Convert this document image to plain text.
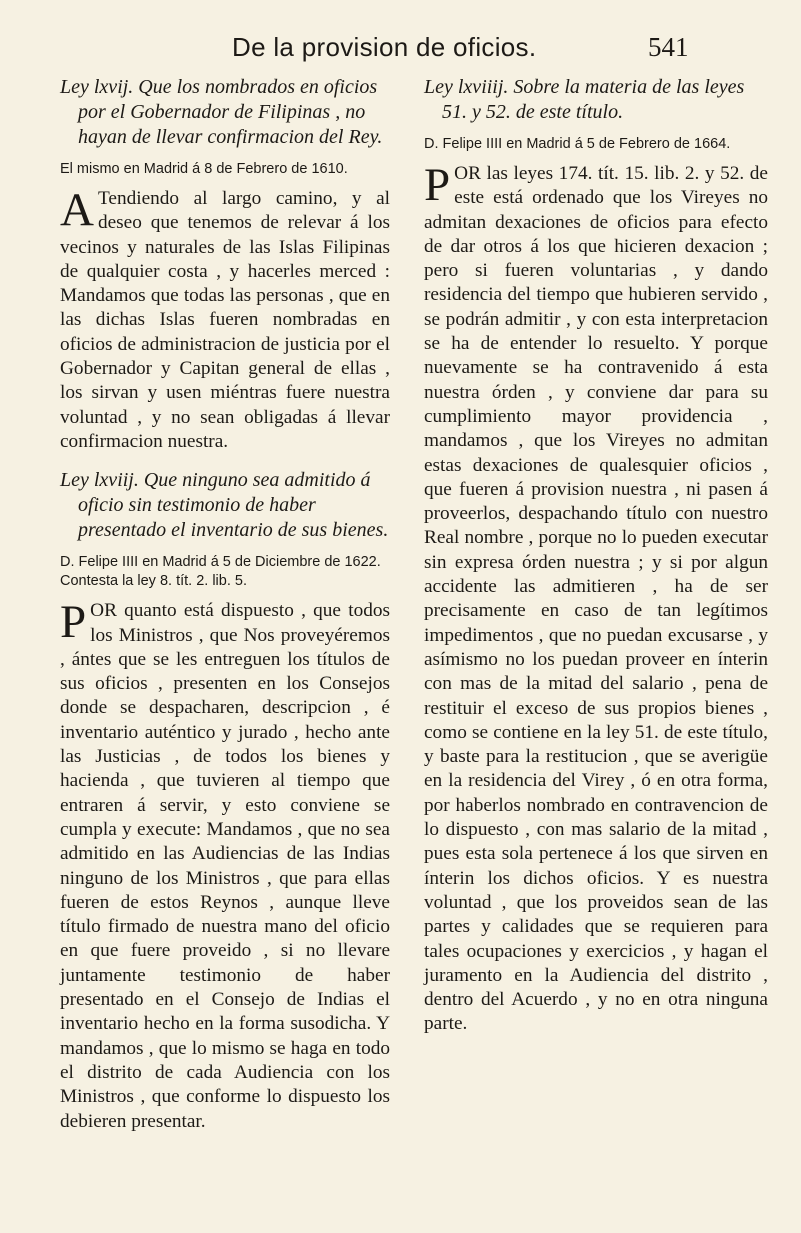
De la provision de oficios.	541

Ley lxvij. Que los nombrados en oficios por el Gobernador de Filipinas , no hayan de llevar confirmacion del Rey.

El mismo en Madrid á 8 de Febrero de 1610.

A Tendiendo al largo camino, y al deseo que tenemos de relevar á los vecinos y naturales de las Islas Filipinas de qualquier costa , y hacerles merced : Mandamos que todas las personas , que en las dichas Islas fueren nombradas en oficios de administracion de justicia por el Gobernador y Capitan general de ellas , los sirvan y usen miéntras fuere nuestra voluntad , y no sean obligadas á llevar confirmacion nuestra.

Ley lxviij. Que ninguno sea admitido á oficio sin testimonio de haber presentado el inventario de sus bienes.

D. Felipe IIII en Madrid á 5 de Diciembre de 1622. Contesta la ley 8. tít. 2. lib. 5.

POR quanto está dispuesto , que todos los Ministros , que Nos proveyéremos , ántes que se les entreguen los títulos de sus oficios , presenten en los Consejos donde se despacharen, descripcion , é inventario auténtico y jurado , hecho ante las Justicias , de todos los bienes y hacienda , que tuvieren al tiempo que entraren á servir, y esto conviene se cumpla y execute: Mandamos , que no sea admitido en las Audiencias de las Indias ninguno de los Ministros , que para ellas fueren de estos Reynos , aunque lleve título firmado de nuestra mano del oficio en que fuere proveido , si no llevare juntamente testimonio de haber presentado en el Consejo de Indias el inventario hecho en la forma susodicha. Y mandamos , que lo mismo se haga en todo el distrito de cada Audiencia con los Ministros , que conforme lo dispuesto los debieren presentar.

Ley lxviiij. Sobre la materia de las leyes 51. y 52. de este título.

D. Felipe IIII en Madrid á 5 de Febrero de 1664.

POR las leyes 174. tít. 15. lib. 2. y 52. de este está ordenado que los Vireyes no admitan dexaciones de oficios para efecto de dar otros á los que hicieren dexacion ; pero si fueren voluntarias , y dando residencia del tiempo que hubieren servido , se podrán admitir , y con esta interpretacion se ha de entender lo resuelto. Y porque nuevamente se ha contravenido á esta nuestra órden , y conviene dar para su cumplimiento mayor providencia , mandamos , que los Vireyes no admitan estas dexaciones de qualesquier oficios , que fueren á provision nuestra , ni pasen á proveerlos, despachando título con nuestro Real nombre , porque no lo pueden executar sin expresa órden nuestra ; y si por algun accidente las admitieren , ha de ser precisamente en caso de tan legítimos impedimentos , que no puedan excusarse , y asímismo no los puedan proveer en ínterin con mas de la mitad del salario , pena de restituir el exceso de sus propios bienes , como se contiene en la ley 51. de este título, y baste para la restitucion , que se averigüe en la residencia del Virey , ó en otra forma, por haberlos nombrado en contravencion de lo dispuesto , con mas salario de la mitad , pues esta sola pertenece á los que sirven en ínterin los dichos oficios. Y es nuestra voluntad , que los proveidos sean de las partes y calidades que se requieren para tales ocupaciones y exercicios , y hagan el juramento en la Audiencia del distrito , dentro del Acuerdo , y no en otra ninguna parte.
